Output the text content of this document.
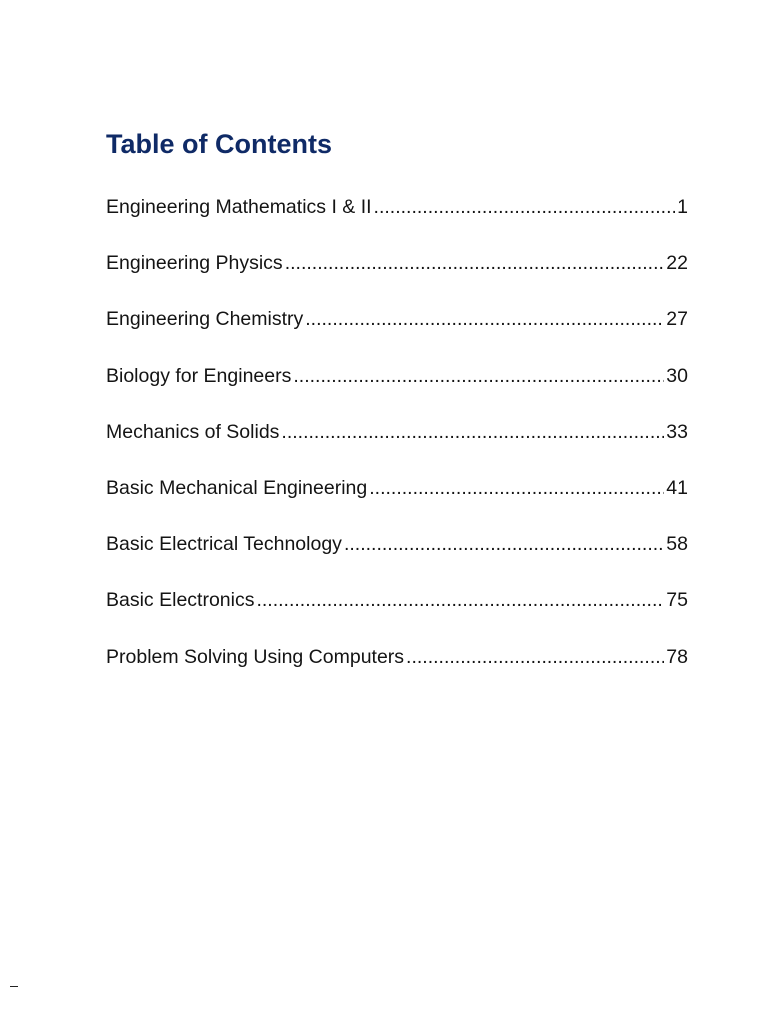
Table of Contents
Engineering Mathematics I & II .....	1
Engineering Physics .....	22
Engineering Chemistry .....	27
Biology for Engineers .....	30
Mechanics of Solids .....	33
Basic Mechanical Engineering .....	41
Basic Electrical Technology .....	58
Basic Electronics .....	75
Problem Solving Using Computers .....	78
